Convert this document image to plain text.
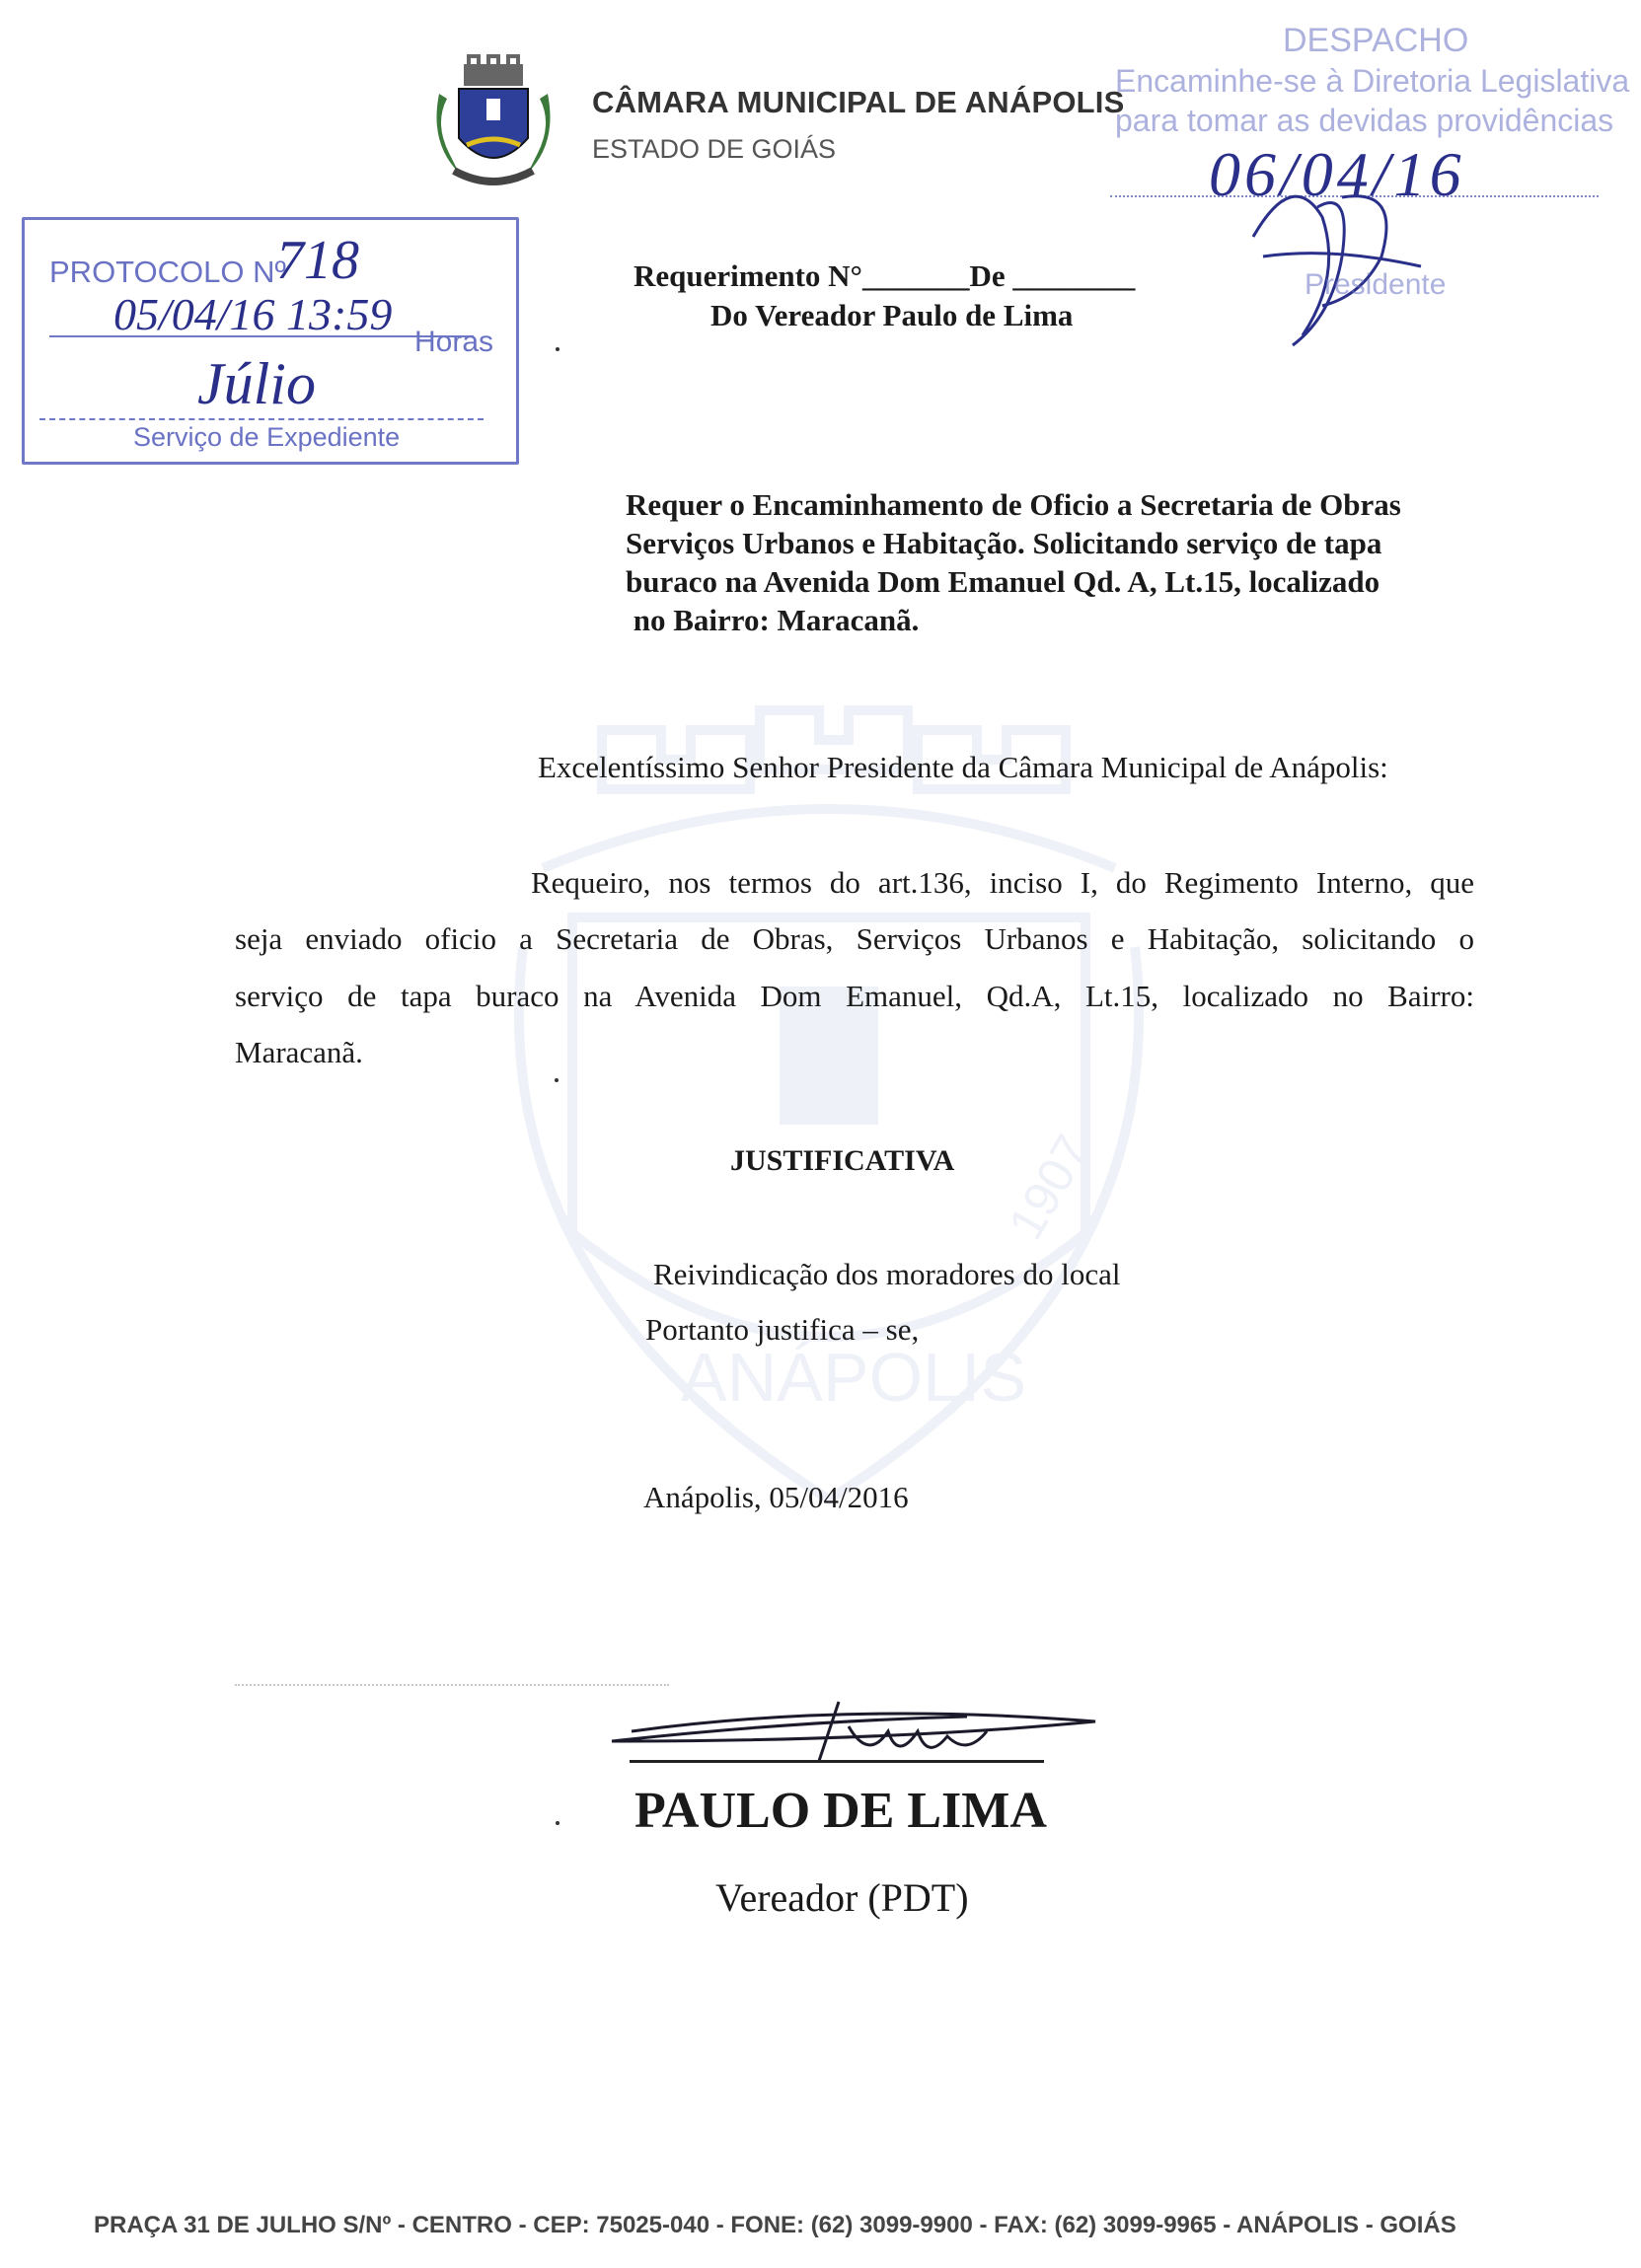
ANÁPOLIS
1907
CÂMARA MUNICIPAL DE ANÁPOLIS
ESTADO DE GOIÁS
DESPACHO
Encaminhe-se à Diretoria Legislativa
para tomar as devidas providências
06/04/16
Presidente
PROTOCOLO Nº
718
05/04/16 13:59
Horas
Júlio
Serviço de Expediente
Requerimento N°_______De ________
Do Vereador Paulo de Lima
Requer o Encaminhamento de Oficio a Secretaria de Obras
Serviços Urbanos e Habitação. Solicitando serviço de tapa
buraco na Avenida Dom Emanuel Qd. A, Lt.15, localizado
no Bairro: Maracanã.
Excelentíssimo Senhor Presidente da Câmara Municipal de Anápolis:
Requeiro, nos termos do art.136, inciso I, do Regimento Interno, que
seja enviado oficio a Secretaria de Obras, Serviços Urbanos e Habitação, solicitando o
serviço de tapa buraco na Avenida Dom Emanuel, Qd.A, Lt.15, localizado no Bairro:
Maracanã.
JUSTIFICATIVA
Reivindicação dos moradores do local
Portanto justifica – se,
Anápolis, 05/04/2016
PAULO DE LIMA
Vereador (PDT)
PRAÇA 31 DE JULHO S/Nº - CENTRO - CEP: 75025-040 - FONE: (62) 3099-9900 - FAX: (62) 3099-9965 - ANÁPOLIS - GOIÁS
